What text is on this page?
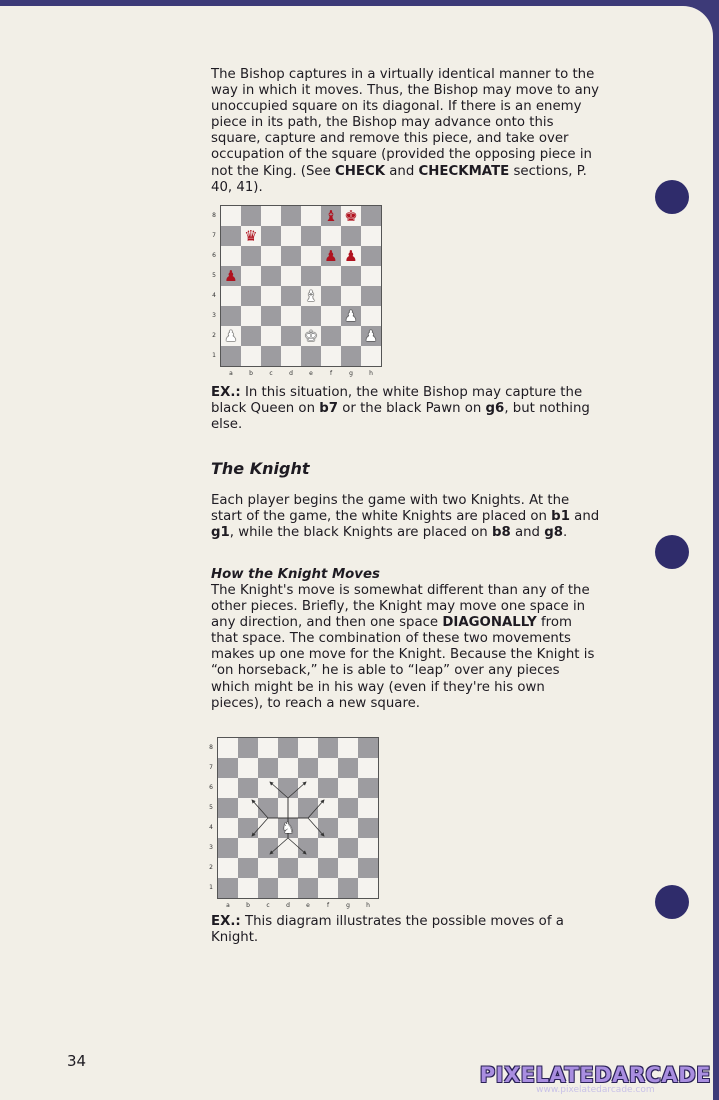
The Bishop captures in a virtually identical manner to the way in which it moves. Thus, the Bishop may move to any unoccupied square on its diagonal. If there is an enemy piece in its path, the Bishop may advance onto this square, capture and remove this piece, and take over occupation of the square (provided the opposing piece in not the King. (See CHECK and CHECKMATE sections, P. 40, 41).

♝ ♚
♛
♟ ♟
♟
♝
♟
♟	♚	♟
8
7
6
5
4
3
2
1
a	b	c	d	e	f	g	h

EX.: In this situation, the white Bishop may capture the black Queen on b7 or the black Pawn on g6, but nothing else.

The Knight

Each player begins the game with two Knights. At the start of the game, the white Knights are placed on b1 and g1, while the black Knights are placed on b8 and g8.

How the Knight Moves

The Knight's move is somewhat different than any of the other pieces. Briefly, the Knight may move one space in any direction, and then one space DIAGONALLY from that space. The combination of these two movements makes up one move for the Knight. Because the Knight is “on horseback,” he is able to “leap” over any pieces which might be in his way (even if they're his own pieces), to reach a new square.

♞
8
7
6
5
4
3
2
1
a	b	c	d	e	f	g	h

EX.: This diagram illustrates the possible moves of a Knight.

34
PIXELATEDARCADE
www.pixelatedarcade.com
